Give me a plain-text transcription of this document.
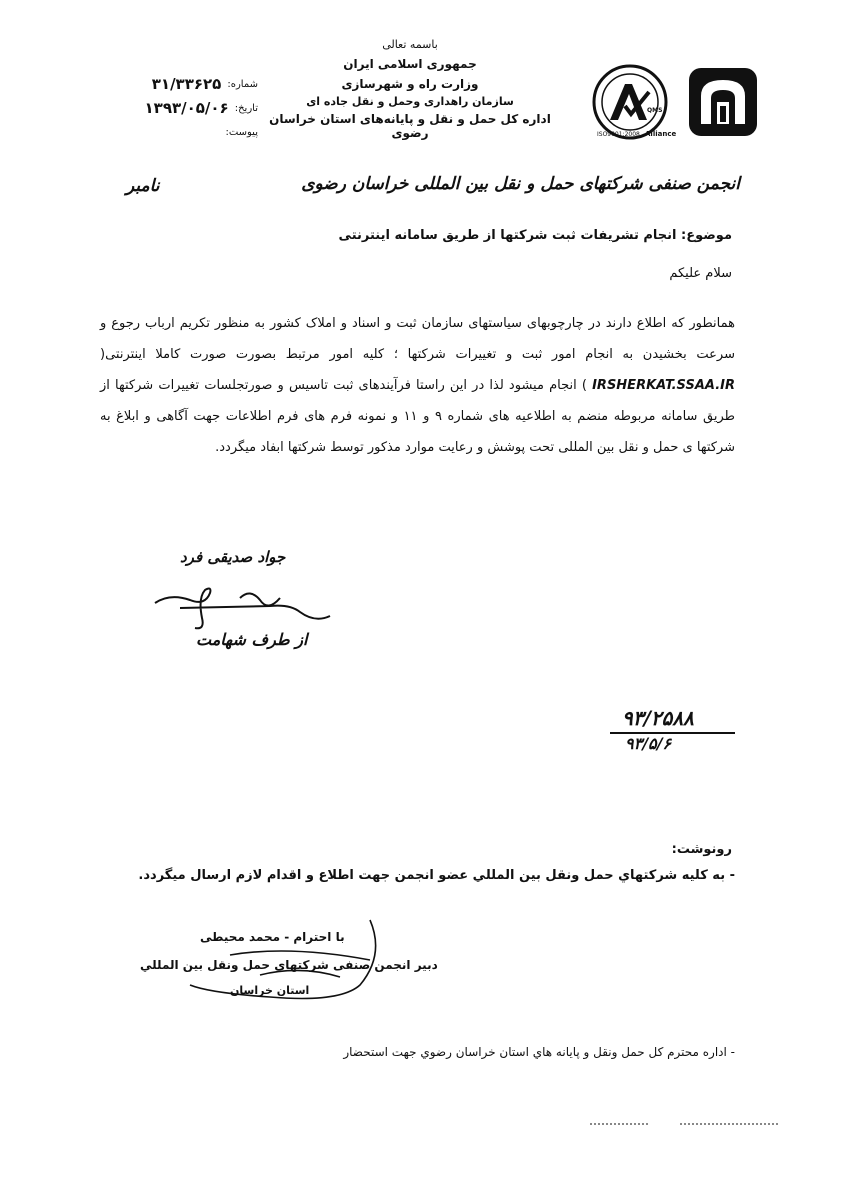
QMS
ISO9001:2008 Alliance
باسمه تعالی
جمهوری اسلامی ایران
وزارت راه و شهرسازی
سازمان راهداری وحمل و نقل جاده ای
اداره کل حمل و نقل و پایانه‌های استان خراسان رضوی
شماره:
۳۱/۳۳۶۲۵
تاریخ:
۱۳۹۳/۰۵/۰۶
پیوست:
انجمن صنفی شرکتهای حمل و نقل بین المللی خراسان رضوی
نامبر
موضوع: انجام تشریفات ثبت شرکتها از طریق سامانه اینترنتی
سلام علیکم
همانطور که اطلاع دارند در چارچوبهای سیاستهای سازمان ثبت و اسناد و املاک کشور به منظور تکریم ارباب رجوع و سرعت بخشیدن به انجام امور ثبت و تغییرات شرکتها ؛ کلیه امور مرتبط بصورت صورت کاملا اینترنتی( IRSHERKAT.SSAA.IR ) انجام میشود لذا در این راستا فرآیندهای ثبت تاسیس و صورتجلسات تغییرات شرکتها از طریق سامانه مربوطه منضم به اطلاعیه های شماره ۹ و ۱۱ و نمونه فرم های فرم اطلاعات جهت آگاهی و ابلاغ به شرکتها ی حمل و نقل بین المللی تحت پوشش و رعایت موارد مذکور توسط شرکتها ابفاد میگردد.
جواد صدیقی فرد
از طرف شهامت
۹۳/۲۵۸۸
۹۳/۵/۶
رونوشت:
- به کلیه شرکتهاي حمل ونقل بین المللي عضو انجمن جهت اطلاع و اقدام لازم ارسال میگردد.
با احترام - محمد محیطی
دبیر انجمن صنفی شرکتهاي حمل ونقل بین المللي
استان خراسان
- اداره محترم کل حمل ونقل و پایانه هاي استان خراسان رضوي جهت استحضار
